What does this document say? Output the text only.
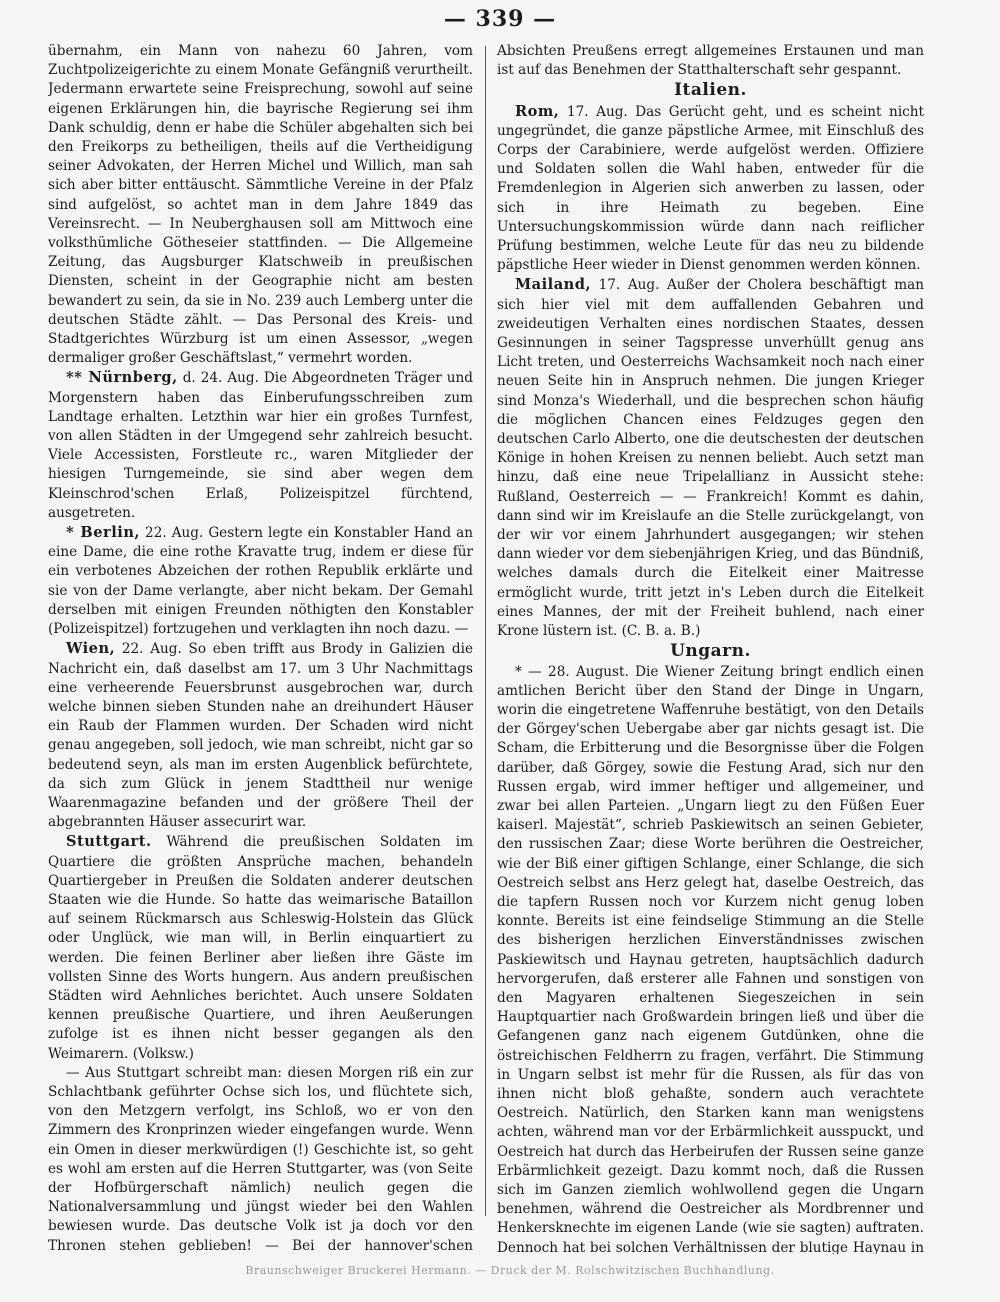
— 339 —

übernahm, ein Mann von nahezu 60 Jahren, vom Zuchtpolizeigerichte zu einem Monate Gefängniß verurtheilt. Jedermann erwartete seine Freisprechung, sowohl auf seine eigenen Erklärungen hin, die bayrische Regierung sei ihm Dank schuldig, denn er habe die Schüler abgehalten sich bei den Freikorps zu betheiligen, theils auf die Vertheidigung seiner Advokaten, der Herren Michel und Willich, man sah sich aber bitter enttäuscht. Sämmtliche Vereine in der Pfalz sind aufgelöst, so achtet man in dem Jahre 1849 das Vereinsrecht. — In Neuberghausen soll am Mittwoch eine volksthümliche Götheseier stattfinden. — Die Allgemeine Zeitung, das Augsburger Klatschweib in preußischen Diensten, scheint in der Geographie nicht am besten bewandert zu sein, da sie in No. 239 auch Lemberg unter die deutschen Städte zählt. — Das Personal des Kreis- und Stadtgerichtes Würzburg ist um einen Assessor, „wegen dermaliger großer Geschäftslast,“ vermehrt worden.

** Nürnberg, d. 24. Aug. Die Abgeordneten Träger und Morgenstern haben das Einberufungsschreiben zum Landtage erhalten. Letzthin war hier ein großes Turnfest, von allen Städten in der Umgegend sehr zahlreich besucht. Viele Accessisten, Forstleute rc., waren Mitglieder der hiesigen Turngemeinde, sie sind aber wegen dem Kleinschrod'schen Erlaß, Polizeispitzel fürchtend, ausgetreten.

* Berlin, 22. Aug. Gestern legte ein Konstabler Hand an eine Dame, die eine rothe Kravatte trug, indem er diese für ein verbotenes Abzeichen der rothen Republik erklärte und sie von der Dame verlangte, aber nicht bekam. Der Gemahl derselben mit einigen Freunden nöthigten den Konstabler (Polizeispitzel) fortzugehen und verklagten ihn noch dazu. —

Wien, 22. Aug. So eben trifft aus Brody in Galizien die Nachricht ein, daß daselbst am 17. um 3 Uhr Nachmittags eine verheerende Feuersbrunst ausgebrochen war, durch welche binnen sieben Stunden nahe an dreihundert Häuser ein Raub der Flammen wurden. Der Schaden wird nicht genau angegeben, soll jedoch, wie man schreibt, nicht gar so bedeutend seyn, als man im ersten Augenblick befürchtete, da sich zum Glück in jenem Stadttheil nur wenige Waarenmagazine befanden und der größere Theil der abgebrannten Häuser assecurirt war.

Stuttgart. Während die preußischen Soldaten im Quartiere die größten Ansprüche machen, behandeln Quartiergeber in Preußen die Soldaten anderer deutschen Staaten wie die Hunde. So hatte das weimarische Bataillon auf seinem Rückmarsch aus Schleswig-Holstein das Glück oder Unglück, wie man will, in Berlin einquartiert zu werden. Die feinen Berliner aber ließen ihre Gäste im vollsten Sinne des Worts hungern. Aus andern preußischen Städten wird Aehnliches berichtet. Auch unsere Soldaten kennen preußische Quartiere, und ihren Aeußerungen zufolge ist es ihnen nicht besser gegangen als den Weimarern. (Volksw.)

— Aus Stuttgart schreibt man: diesen Morgen riß ein zur Schlachtbank geführter Ochse sich los, und flüchtete sich, von den Metzgern verfolgt, ins Schloß, wo er von den Zimmern des Kronprinzen wieder eingefangen wurde. Wenn ein Omen in dieser merkwürdigen (!) Geschichte ist, so geht es wohl am ersten auf die Herren Stuttgarter, was (von Seite der Hofbürgerschaft nämlich) neulich gegen die Nationalversammlung und jüngst wieder bei den Wahlen bewiesen wurde. Das deutsche Volk ist ja doch vor den Thronen stehen geblieben! — Bei der hannover'schen

Absichten Preußens erregt allgemeines Erstaunen und man ist auf das Benehmen der Statthalterschaft sehr gespannt.

Italien.

Rom, 17. Aug. Das Gerücht geht, und es scheint nicht ungegründet, die ganze päpstliche Armee, mit Einschluß des Corps der Carabiniere, werde aufgelöst werden. Offiziere und Soldaten sollen die Wahl haben, entweder für die Fremdenlegion in Algerien sich anwerben zu lassen, oder sich in ihre Heimath zu begeben. Eine Untersuchungskommission würde dann nach reiflicher Prüfung bestimmen, welche Leute für das neu zu bildende päpstliche Heer wieder in Dienst genommen werden können.

Mailand, 17. Aug. Außer der Cholera beschäftigt man sich hier viel mit dem auffallenden Gebahren und zweideutigen Verhalten eines nordischen Staates, dessen Gesinnungen in seiner Tagspresse unverhüllt genug ans Licht treten, und Oesterreichs Wachsamkeit noch nach einer neuen Seite hin in Anspruch nehmen. Die jungen Krieger sind Monza's Wiederhall, und die besprechen schon häufig die möglichen Chancen eines Feldzuges gegen den deutschen Carlo Alberto, one die deutschesten der deutschen Könige in hohen Kreisen zu nennen beliebt. Auch setzt man hinzu, daß eine neue Tripelallianz in Aussicht stehe: Rußland, Oesterreich — — Frankreich! Kommt es dahin, dann sind wir im Kreislaufe an die Stelle zurückgelangt, von der wir vor einem Jahrhundert ausgegangen; wir stehen dann wieder vor dem siebenjährigen Krieg, und das Bündniß, welches damals durch die Eitelkeit einer Maitresse ermöglicht wurde, tritt jetzt in's Leben durch die Eitelkeit eines Mannes, der mit der Freiheit buhlend, nach einer Krone lüstern ist. (C. B. a. B.)

Ungarn.

* — 28. August. Die Wiener Zeitung bringt endlich einen amtlichen Bericht über den Stand der Dinge in Ungarn, worin die eingetretene Waffenruhe bestätigt, von den Details der Görgey'schen Uebergabe aber gar nichts gesagt ist. Die Scham, die Erbitterung und die Besorgnisse über die Folgen darüber, daß Görgey, sowie die Festung Arad, sich nur den Russen ergab, wird immer heftiger und allgemeiner, und zwar bei allen Parteien. „Ungarn liegt zu den Füßen Euer kaiserl. Majestät“, schrieb Paskiewitsch an seinen Gebieter, den russischen Zaar; diese Worte berühren die Oestreicher, wie der Biß einer giftigen Schlange, einer Schlange, die sich Oestreich selbst ans Herz gelegt hat, daselbe Oestreich, das die tapfern Russen noch vor Kurzem nicht genug loben konnte. Bereits ist eine feindselige Stimmung an die Stelle des bisherigen herzlichen Einverständnisses zwischen Paskiewitsch und Haynau getreten, hauptsächlich dadurch hervorgerufen, daß ersterer alle Fahnen und sonstigen von den Magyaren erhaltenen Siegeszeichen in sein Hauptquartier nach Großwardein bringen ließ und über die Gefangenen ganz nach eigenem Gutdünken, ohne die östreichischen Feldherrn zu fragen, verfährt. Die Stimmung in Ungarn selbst ist mehr für die Russen, als für das von ihnen nicht bloß gehaßte, sondern auch verachtete Oestreich. Natürlich, den Starken kann man wenigstens achten, während man vor der Erbärmlichkeit ausspuckt, und Oestreich hat durch das Herbeirufen der Russen seine ganze Erbärmlichkeit gezeigt. Dazu kommt noch, daß die Russen sich im Ganzen ziemlich wohlwollend gegen die Ungarn benehmen, während die Oestreicher als Mordbrenner und Henkersknechte im eigenen Lande (wie sie sagten) auftraten. Dennoch hat bei solchen Verhältnissen der blutige Haynau in

Braunschweiger Bruckerei Hermann. — Druck der M. Rolschwitzischen Buchhandlung.
